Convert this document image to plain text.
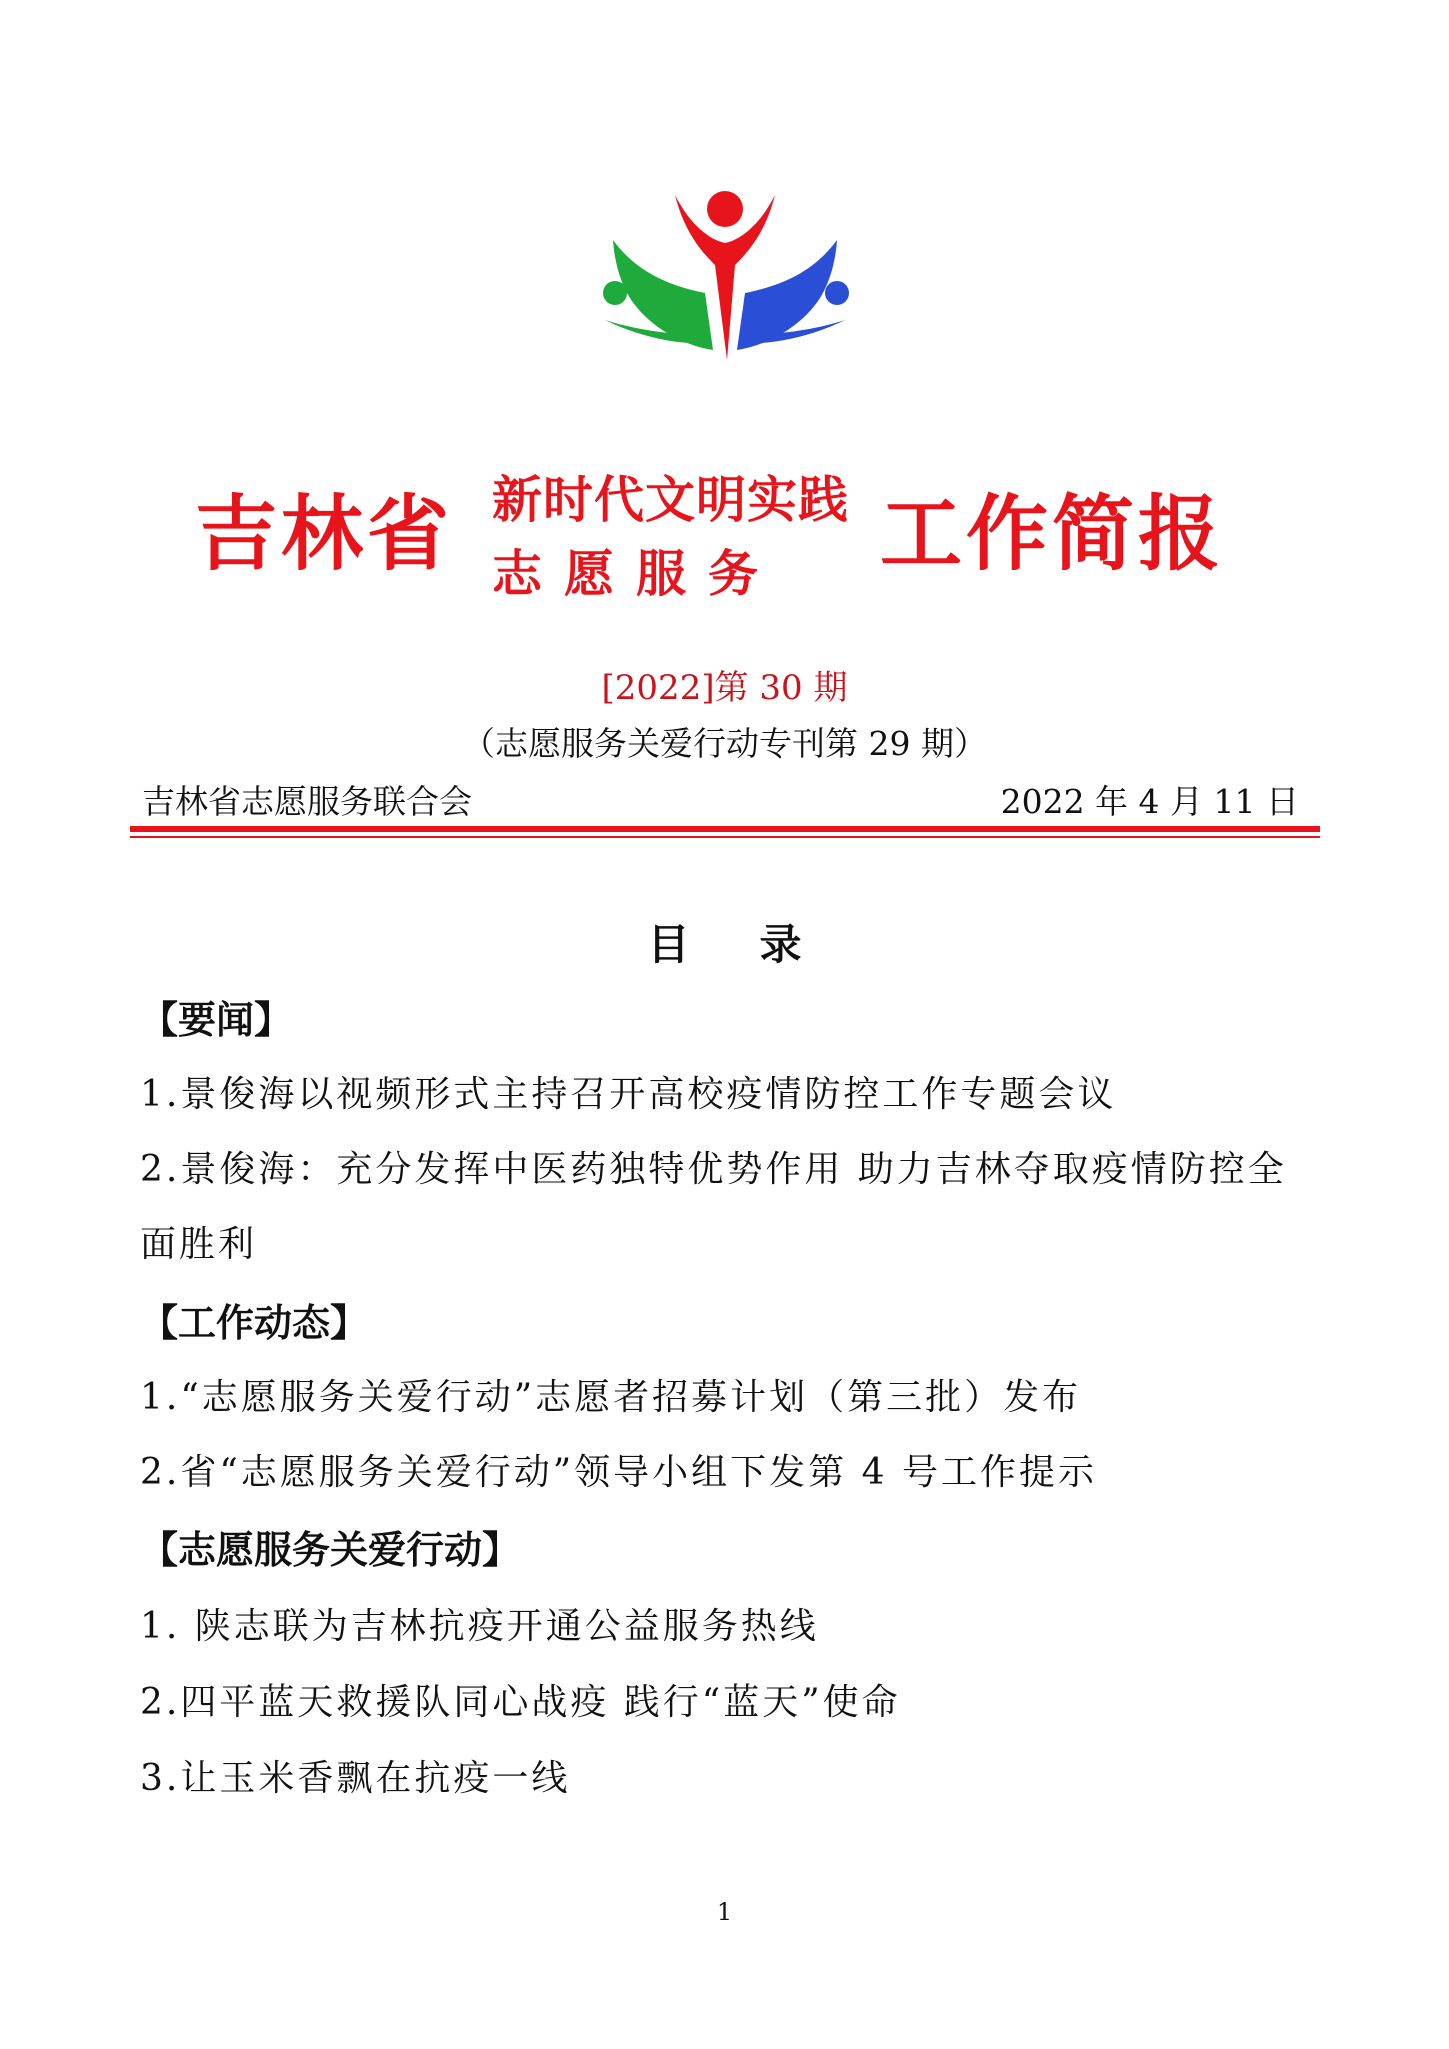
吉林省 新时代文明实践
志愿服务 工作简报
[2022]第 30 期
（志愿服务关爱行动专刊第 29 期）
吉林省志愿服务联合会	2022 年 4 月 11 日
目录
【要闻】
1.景俊海以视频形式主持召开高校疫情防控工作专题会议
2.景俊海：充分发挥中医药独特优势作用 助力吉林夺取疫情防控全
面胜利
【工作动态】
1.“志愿服务关爱行动”志愿者招募计划（第三批）发布
2.省“志愿服务关爱行动”领导小组下发第 4 号工作提示
【志愿服务关爱行动】
1. 陕志联为吉林抗疫开通公益服务热线
2.四平蓝天救援队同心战疫 践行“蓝天”使命
3.让玉米香飘在抗疫一线
1
